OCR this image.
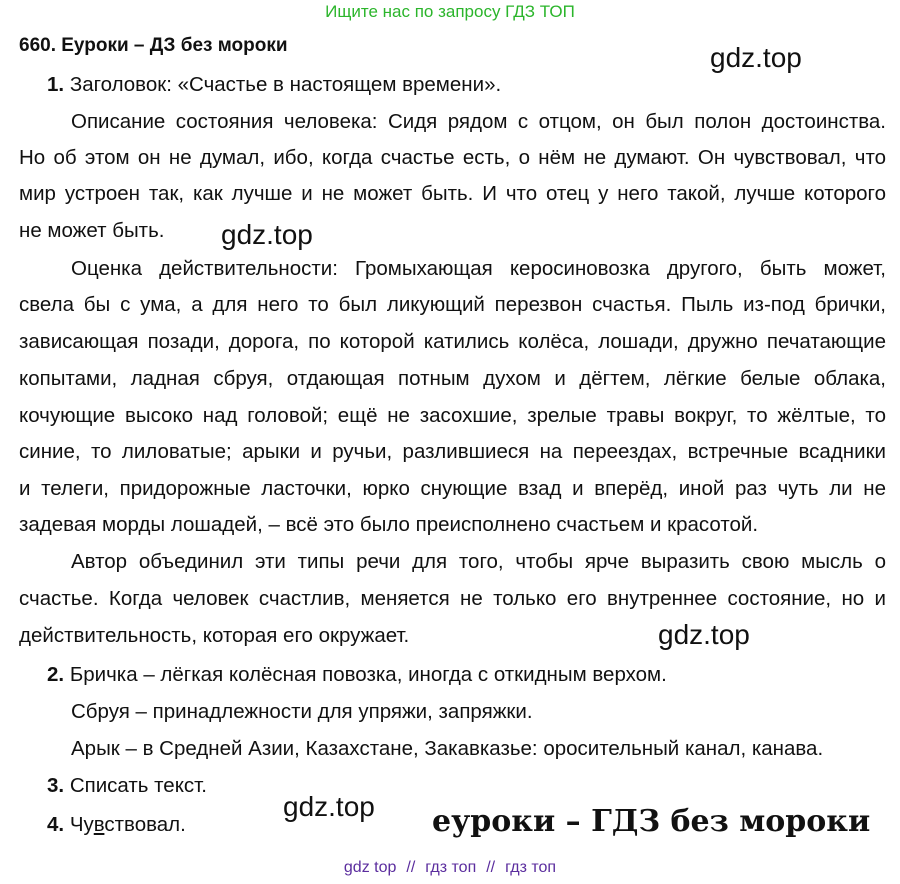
Ищите нас по запросу ГДЗ ТОП
660. Еуроки – ДЗ без мороки	gdz.top
1. Заголовок: «Счастье в настоящем времени».
Описание состояния человека: Сидя рядом с отцом, он был полон достоинства.
Но об этом он не думал, ибо, когда счастье есть, о нём не думают. Он чувствовал, что
мир устроен так, как лучше и не может быть. И что отец у него такой, лучше которого
не может быть. gdz.top
Оценка действительности: Громыхающая керосиновозка другого, быть может,
свела бы с ума, а для него то был ликующий перезвон счастья. Пыль из-под брички,
зависающая позади, дорога, по которой катились колёса, лошади, дружно печатающие
копытами, ладная сбруя, отдающая потным духом и дёгтем, лёгкие белые облака,
кочующие высоко над головой; ещё не засохшие, зрелые травы вокруг, то жёлтые, то
синие, то лиловатые; арыки и ручьи, разлившиеся на переездах, встречные всадники
и телеги, придорожные ласточки, юрко снующие взад и вперёд, иной раз чуть ли не
задевая морды лошадей, – всё это было преисполнено счастьем и красотой.
Автор объединил эти типы речи для того, чтобы ярче выразить свою мысль о
счастье. Когда человек счастлив, меняется не только его внутреннее состояние, но и
действительность, которая его окружает.	gdz.top
2. Бричка – лёгкая колёсная повозка, иногда с откидным верхом.
Сбруя – принадлежности для упряжи, запряжки.
Арык – в Средней Азии, Казахстане, Закавказье: оросительный канал, канава.
3. Списать текст.
gdz.top
4. Чувствовал.	еуроки – ГДЗ без мороки
gdz top // гдз топ // гдз топ
